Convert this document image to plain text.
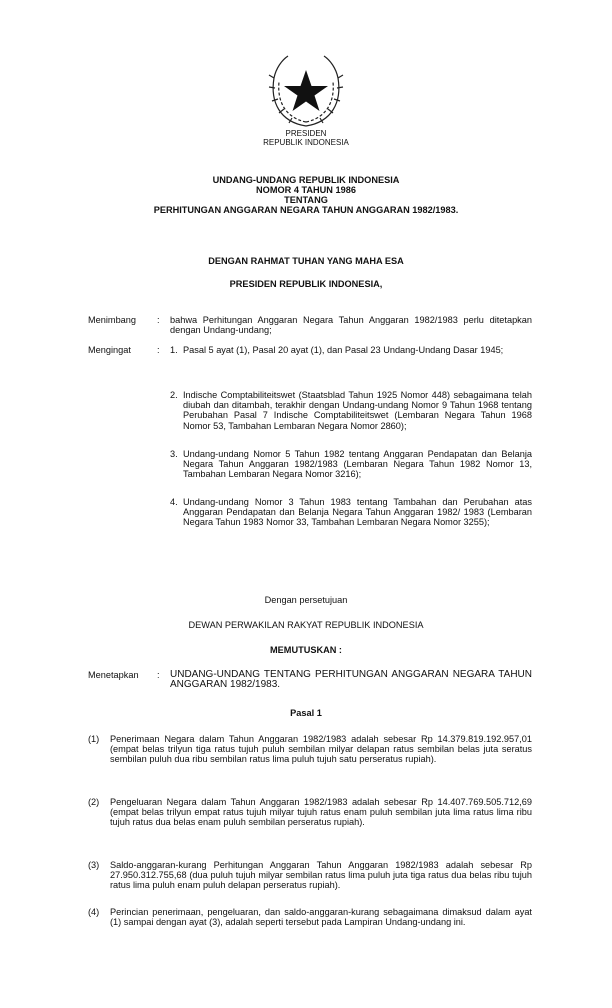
PRESIDEN
REPUBLIK INDONESIA
UNDANG-UNDANG REPUBLIK INDONESIA
NOMOR 4 TAHUN 1986
TENTANG
PERHITUNGAN ANGGARAN NEGARA TAHUN ANGGARAN 1982/1983.
DENGAN RAHMAT TUHAN YANG MAHA ESA
PRESIDEN REPUBLIK INDONESIA,
Menimbang : bahwa Perhitungan Anggaran Negara Tahun Anggaran 1982/1983 perlu ditetapkan dengan Undang-undang;
Mengingat	: 1. Pasal 5 ayat (1), Pasal 20 ayat (1), dan Pasal 23 Undang-Undang Dasar 1945;

2. Indische Comptabiliteitswet (Staatsblad Tahun 1925 Nomor 448) sebagaimana telah diubah dan ditambah, terakhir dengan Undang-undang Nomor 9 Tahun 1968 tentang Perubahan Pasal 7 Indische Comptabiliteitswet (Lembaran Negara Tahun 1968 Nomor 53, Tambahan Lembaran Negara Nomor 2860);

3. Undang-undang Nomor 5 Tahun 1982 tentang Anggaran Pendapatan dan Belanja Negara Tahun Anggaran 1982/1983 (Lembaran Negara Tahun 1982 Nomor 13, Tambahan Lembaran Negara Nomor 3216);

4. Undang-undang Nomor 3 Tahun 1983 tentang Tambahan dan Perubahan atas Anggaran Pendapatan dan Belanja Negara Tahun Anggaran 1982/ 1983 (Lembaran Negara Tahun 1983 Nomor 33, Tambahan Lembaran Negara Nomor 3255);

Dengan persetujuan
DEWAN PERWAKILAN RAKYAT REPUBLIK INDONESIA
MEMUTUSKAN :
Menetapkan : UNDANG-UNDANG TENTANG PERHITUNGAN ANGGARAN NEGARA TAHUN ANGGARAN 1982/1983.
Pasal 1
(1) Penerimaan Negara dalam Tahun Anggaran 1982/1983 adalah sebesar Rp 14.379.819.192.957,01 (empat belas trilyun tiga ratus tujuh puluh sembilan milyar delapan ratus sembilan belas juta seratus sembilan puluh dua ribu sembilan ratus lima puluh tujuh satu perseratus rupiah).

(2) Pengeluaran Negara dalam Tahun Anggaran 1982/1983 adalah sebesar Rp 14.407.769.505.712,69 (empat belas trilyun empat ratus tujuh milyar tujuh ratus enam puluh sembilan juta lima ratus lima ribu tujuh ratus dua belas enam puluh sembilan perseratus rupiah).

(3) Saldo-anggaran-kurang Perhitungan Anggaran Tahun Anggaran 1982/1983 adalah sebesar Rp 27.950.312.755,68 (dua puluh tujuh milyar sembilan ratus lima puluh juta tiga ratus dua belas ribu tujuh ratus lima puluh enam puluh delapan perseratus rupiah).

(4) Perincian penerimaan, pengeluaran, dan saldo-anggaran-kurang sebagaimana dimaksud dalam ayat (1) sampai dengan ayat (3), adalah seperti tersebut pada Lampiran Undang-undang ini.
